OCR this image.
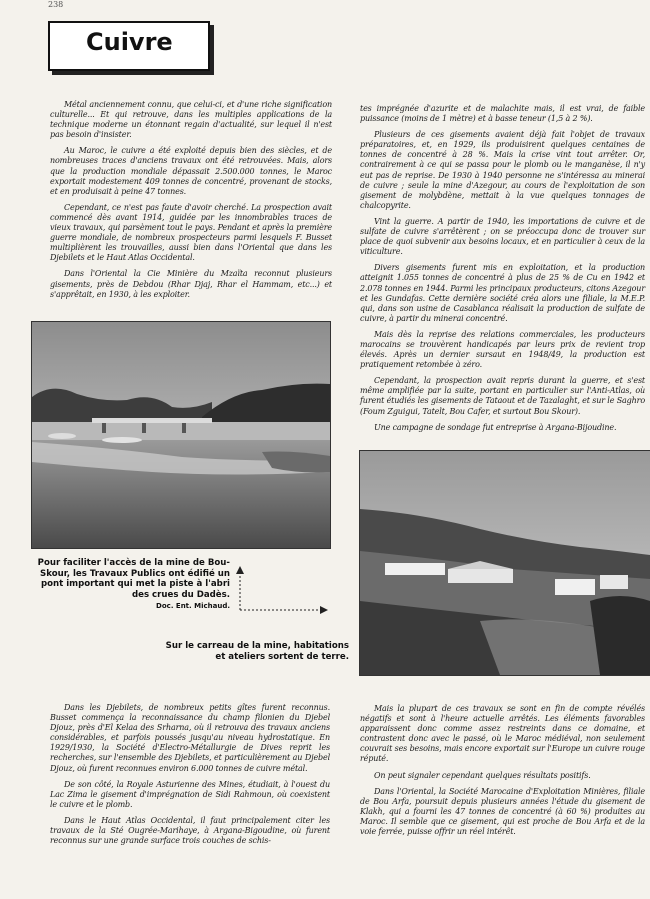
238
Cuivre

Métal anciennement connu, que celui-ci, et d'une riche signification culturelle... Et qui retrouve, dans les multiples applications de la technique moderne un étonnant regain d'actualité, sur lequel il n'est pas besoin d'insister.

Au Maroc, le cuivre a été exploité depuis bien des siècles, et de nombreuses traces d'anciens travaux ont été retrouvées. Mais, alors que la production mondiale dépassait 2.500.000 tonnes, le Maroc exportait modestement 409 tonnes de concentré, provenant de stocks, et en produisait à peine 47 tonnes.

Cependant, ce n'est pas faute d'avoir cherché. La prospection avait commencé dès avant 1914, guidée par les innombrables traces de vieux travaux, qui parsèment tout le pays. Pendant et après la première guerre mondiale, de nombreux prospecteurs parmi lesquels F. Busset multiplièrent les trouvailles, aussi bien dans l'Oriental que dans les Djebilets et le Haut Atlas Occidental.

Dans l'Oriental la Cie Minière du Mzaïta reconnut plusieurs gisements, près de Debdou (Rhar Djaj, Rhar el Hammam, etc...) et s'apprêtait, en 1930, à les exploiter.

tes imprégnée d'azurite et de malachite mais, il est vrai, de faible puissance (moins de 1 mètre) et à basse teneur (1,5 à 2 %).

Plusieurs de ces gisements avaient déjà fait l'objet de travaux préparatoires, et, en 1929, ils produisirent quelques centaines de tonnes de concentré à 28 %. Mais la crise vint tout arrêter. Or, contrairement à ce qui se passa pour le plomb ou le manganèse, il n'y eut pas de reprise. De 1930 à 1940 personne ne s'intéressa au minerai de cuivre ; seule la mine d'Azegour, au cours de l'exploitation de son gisement de molybdène, mettait à la vue quelques tonnages de chalcopyrite.

Vint la guerre. A partir de 1940, les importations de cuivre et de sulfate de cuivre s'arrêtèrent ; on se préoccupa donc de trouver sur place de quoi subvenir aux besoins locaux, et en particulier à ceux de la viticulture.

Divers gisements furent mis en exploitation, et la production atteignit 1.055 tonnes de concentré à plus de 25 % de Cu en 1942 et 2.078 tonnes en 1944. Parmi les principaux producteurs, citons Azegour et les Gundafas. Cette dernière société créa alors une filiale, la M.E.P. qui, dans son usine de Casablanca réalisait la production de sulfate de cuivre, à partir du minerai concentré.

Mais dès la reprise des relations commerciales, les producteurs marocains se trouvèrent handicapés par leurs prix de revient trop élevés. Après un dernier sursaut en 1948/49, la production est pratiquement retombée à zéro.

Cependant, la prospection avait repris durant la guerre, et s'est même amplifiée par la suite, portant en particulier sur l'Anti-Atlas, où furent étudiés les gisements de Tataout et de Tazalaght, et sur le Saghro (Foum Zguigui, Tatelt, Bou Cafer, et surtout Bou Skour).

Une campagne de sondage fut entreprise à Argana-Bijoudine.

Pour faciliter l'accès de la mine de Bou-Skour, les Travaux Publics ont édifié un pont important qui met la piste à l'abri des crues du Dadès.
Doc. Ent. Michaud.
Sur le carreau de la mine, habitations et ateliers sortent de terre.

Dans les Djebilets, de nombreux petits gîtes furent reconnus. Busset commença la reconnaissance du champ filonien du Djebel Djouz, près d'El Kelaa des Srharna, où il retrouva des travaux anciens considérables, et parfois poussés jusqu'au niveau hydrostatique. En 1929/1930, la Société d'Electro-Métallurgie de Dives reprit les recherches, sur l'ensemble des Djebilets, et particulièrement au Djebel Djouz, où furent reconnues environ 6.000 tonnes de cuivre métal.

De son côté, la Royale Asturienne des Mines, étudiait, à l'ouest du Lac Zima le gisement d'imprégnation de Sidi Rahmoun, où coexistent le cuivre et le plomb.

Dans le Haut Atlas Occidental, il faut principalement citer les travaux de la Sté Ougrée-Marihaye, à Argana-Bigoudine, où furent reconnus sur une grande surface trois couches de schis-

Mais la plupart de ces travaux se sont en fin de compte révélés négatifs et sont à l'heure actuelle arrêtés. Les éléments favorables apparaissent donc comme assez restreints dans ce domaine, et contrastent donc avec le passé, où le Maroc médiéval, non seulement couvrait ses besoins, mais encore exportait sur l'Europe un cuivre rouge réputé.

On peut signaler cependant quelques résultats positifs.

Dans l'Oriental, la Société Marocaine d'Exploitation Minières, filiale de Bou Arfa, poursuit depuis plusieurs années l'étude du gisement de Klakh, qui a fourni les 47 tonnes de concentré (à 60 %) produites au Maroc. Il semble que ce gisement, qui est proche de Bou Arfa et de la voie ferrée, puisse offrir un réel intérêt.
